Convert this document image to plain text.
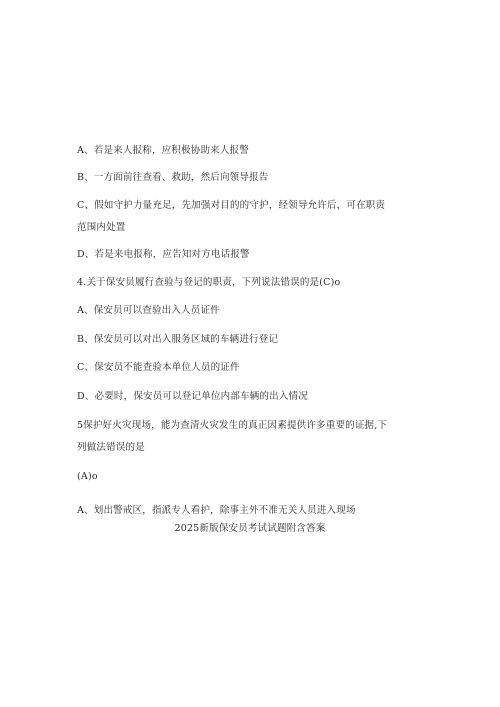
A、若是来人报称，应积极协助来人报警
B、一方面前往查看、救助，然后向领导报告
C、假如守护力量充足，先加强对目的的守护，经领导允许后，可在职责
范围内处置
D、若是来电报称，应告知对方电话报警
4.关于保安员履行查验与登记的职责，下列说法错误的是(C)o
A、保安员可以查验出入人员证件
B、保安员可以对出入服务区域的车辆进行登记
C、保安员不能查验本单位人员的证件
D、必要时，保安员可以登记单位内部车辆的出入情况
5保护好火灾现场，能为查清火灾发生的真正因素提供许多重要的证据,下
列做法错误的是
(A)o
A、划出警戒区，指派专人看护，除事主外不准无关人员进入现场
2025新版保安员考试试题附含答案
